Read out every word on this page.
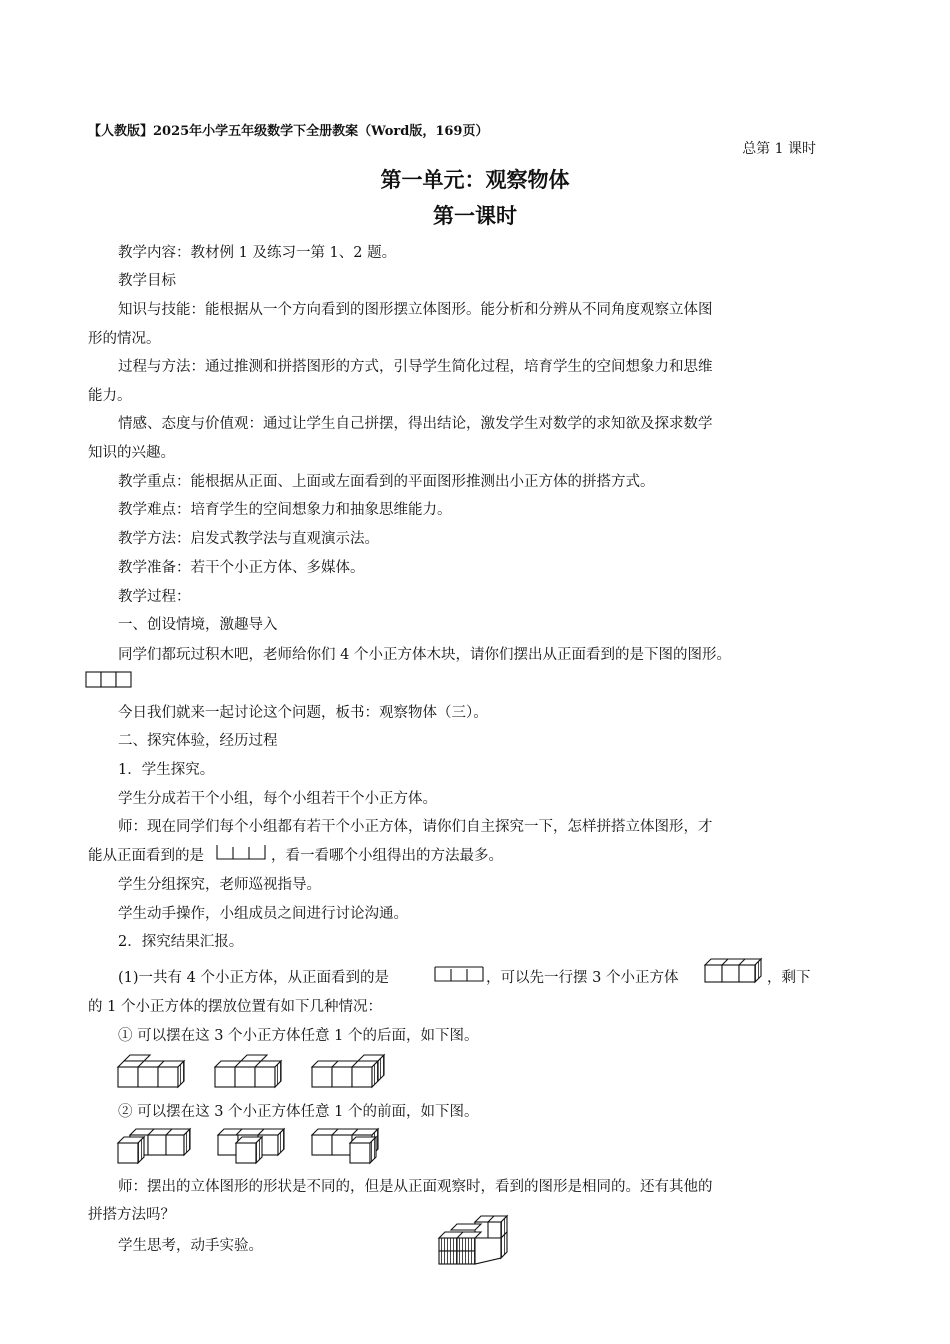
【人教版】2025年小学五年级数学下全册教案（Word版，169页）
总第 1 课时
第一单元：观察物体
第一课时
教学内容：教材例 1 及练习一第 1、2 题。
教学目标
知识与技能：能根据从一个方向看到的图形摆立体图形。能分析和分辨从不同角度观察立体图
形的情况。
过程与方法：通过推测和拼搭图形的方式，引导学生简化过程，培育学生的空间想象力和思维
能力。
情感、态度与价值观：通过让学生自己拼摆，得出结论，激发学生对数学的求知欲及探求数学
知识的兴趣。
教学重点：能根据从正面、上面或左面看到的平面图形推测出小正方体的拼搭方式。
教学难点：培育学生的空间想象力和抽象思维能力。
教学方法：启发式教学法与直观演示法。
教学准备：若干个小正方体、多媒体。
教学过程：
一、创设情境，激趣导入
同学们都玩过积木吧，老师给你们 4 个小正方体木块，请你们摆出从正面看到的是下图的图形。
今日我们就来一起讨论这个问题，板书：观察物体（三）。
二、探究体验，经历过程
1．学生探究。
学生分成若干个小组，每个小组若干个小正方体。
师：现在同学们每个小组都有若干个小正方体，请你们自主探究一下，怎样拼搭立体图形，才
能从正面看到的是	，看一看哪个小组得出的方法最多。
学生分组探究，老师巡视指导。
学生动手操作，小组成员之间进行讨论沟通。
2．探究结果汇报。
(1)一共有 4 个小正方体，从正面看到的是	，可以先一行摆 3 个小正方体	，剩下
的 1 个小正方体的摆放位置有如下几种情况：
① 可以摆在这 3 个小正方体任意 1 个的后面，如下图。
② 可以摆在这 3 个小正方体任意 1 个的前面，如下图。
师：摆出的立体图形的形状是不同的，但是从正面观察时，看到的图形是相同的。还有其他的
拼搭方法吗？
学生思考，动手实验。
